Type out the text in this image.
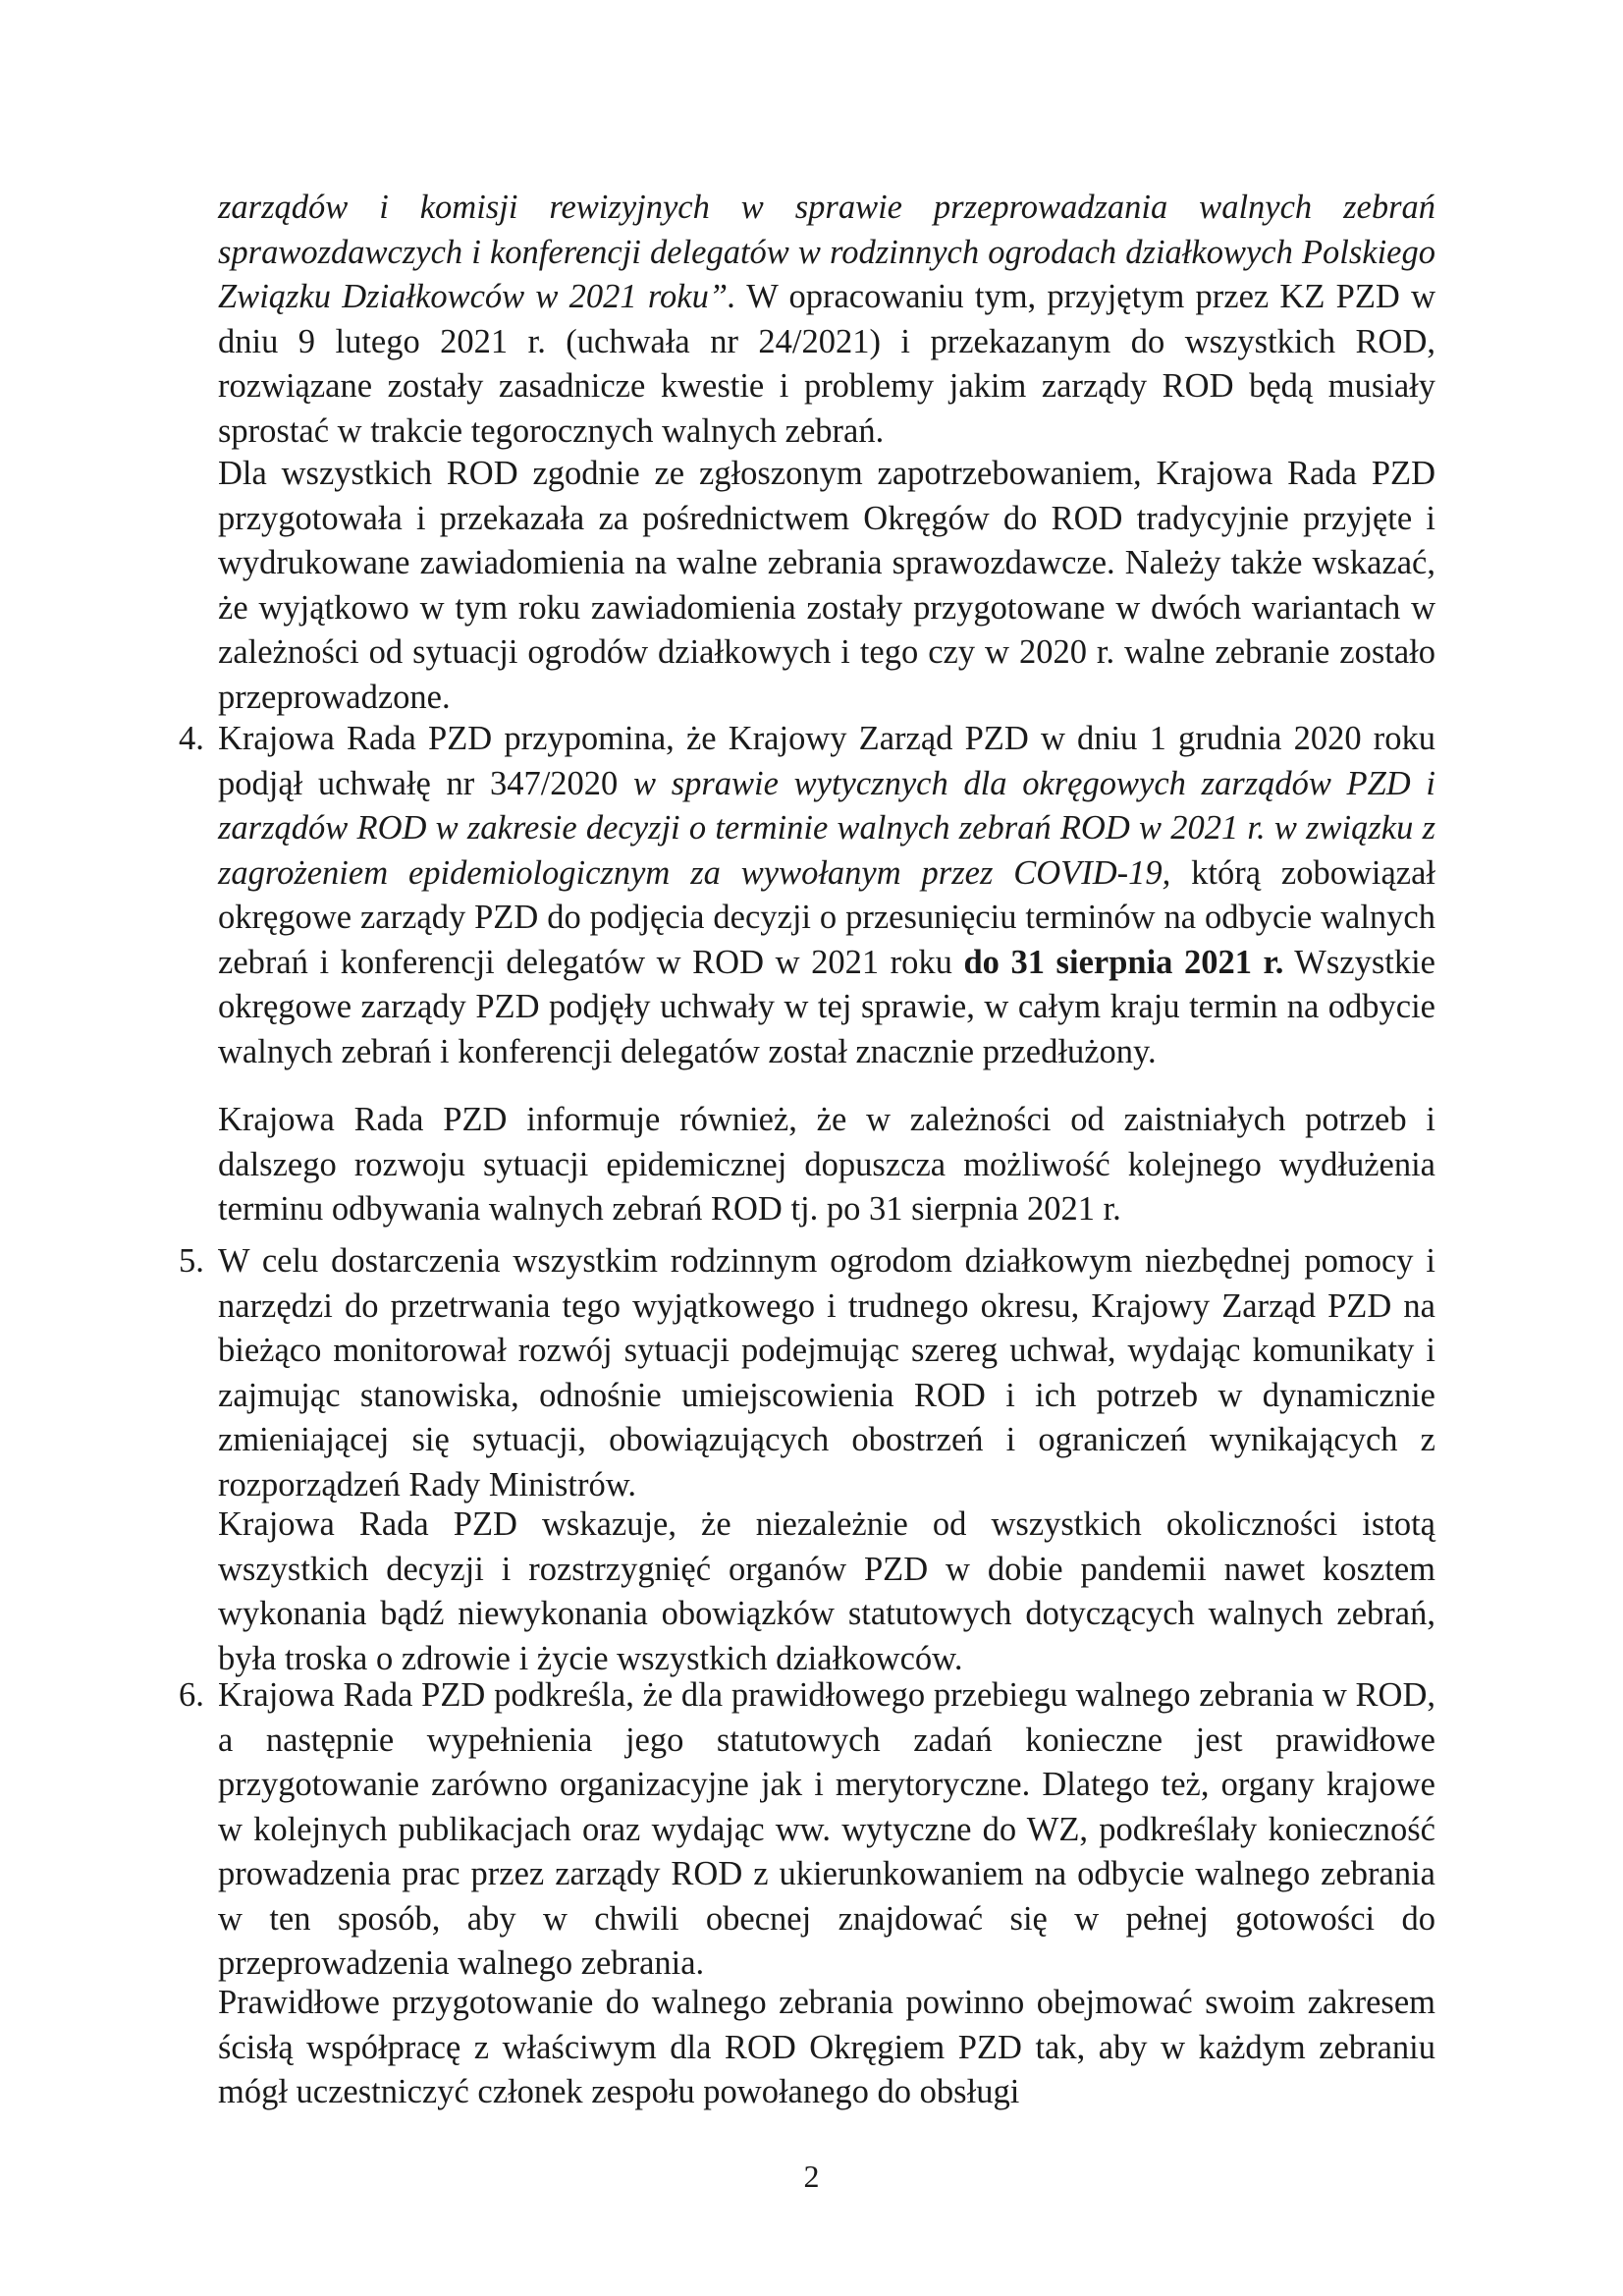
zarządów i komisji rewizyjnych w sprawie przeprowadzania walnych zebrań sprawozdawczych i konferencji delegatów w rodzinnych ogrodach działkowych Polskiego Związku Działkowców w 2021 roku”. W opracowaniu tym, przyjętym przez KZ PZD w dniu 9 lutego 2021 r. (uchwała nr 24/2021) i przekazanym do wszystkich ROD, rozwiązane zostały zasadnicze kwestie i problemy jakim zarządy ROD będą musiały sprostać w trakcie tegorocznych walnych zebrań.

Dla wszystkich ROD zgodnie ze zgłoszonym zapotrzebowaniem, Krajowa Rada PZD przygotowała i przekazała za pośrednictwem Okręgów do ROD tradycyjnie przyjęte i wydrukowane zawiadomienia na walne zebrania sprawozdawcze. Należy także wskazać, że wyjątkowo w tym roku zawiadomienia zostały przygotowane w dwóch wariantach w zależności od sytuacji ogrodów działkowych i tego czy w 2020 r. walne zebranie zostało przeprowadzone.

4. Krajowa Rada PZD przypomina, że Krajowy Zarząd PZD w dniu 1 grudnia 2020 roku podjął uchwałę nr 347/2020 w sprawie wytycznych dla okręgowych zarządów PZD i zarządów ROD w zakresie decyzji o terminie walnych zebrań ROD w 2021 r. w związku z zagrożeniem epidemiologicznym za wywołanym przez COVID-19, którą zobowiązał okręgowe zarządy PZD do podjęcia decyzji o przesunięciu terminów na odbycie walnych zebrań i konferencji delegatów w ROD w 2021 roku do 31 sierpnia 2021 r. Wszystkie okręgowe zarządy PZD podjęły uchwały w tej sprawie, w całym kraju termin na odbycie walnych zebrań i konferencji delegatów został znacznie przedłużony.

Krajowa Rada PZD informuje również, że w zależności od zaistniałych potrzeb i dalszego rozwoju sytuacji epidemicznej dopuszcza możliwość kolejnego wydłużenia terminu odbywania walnych zebrań ROD tj. po 31 sierpnia 2021 r.

5. W celu dostarczenia wszystkim rodzinnym ogrodom działkowym niezbędnej pomocy i narzędzi do przetrwania tego wyjątkowego i trudnego okresu, Krajowy Zarząd PZD na bieżąco monitorował rozwój sytuacji podejmując szereg uchwał, wydając komunikaty i zajmując stanowiska, odnośnie umiejscowienia ROD i ich potrzeb w dynamicznie zmieniającej się sytuacji, obowiązujących obostrzeń i ograniczeń wynikających z rozporządzeń Rady Ministrów.

Krajowa Rada PZD wskazuje, że niezależnie od wszystkich okoliczności istotą wszystkich decyzji i rozstrzygnięć organów PZD w dobie pandemii nawet kosztem wykonania bądź niewykonania obowiązków statutowych dotyczących walnych zebrań, była troska o zdrowie i życie wszystkich działkowców.

6. Krajowa Rada PZD podkreśla, że dla prawidłowego przebiegu walnego zebrania w ROD, a następnie wypełnienia jego statutowych zadań konieczne jest prawidłowe przygotowanie zarówno organizacyjne jak i merytoryczne. Dlatego też, organy krajowe w kolejnych publikacjach oraz wydając ww. wytyczne do WZ, podkreślały konieczność prowadzenia prac przez zarządy ROD z ukierunkowaniem na odbycie walnego zebrania w ten sposób, aby w chwili obecnej znajdować się w pełnej gotowości do przeprowadzenia walnego zebrania.

Prawidłowe przygotowanie do walnego zebrania powinno obejmować swoim zakresem ścisłą współpracę z właściwym dla ROD Okręgiem PZD tak, aby w każdym zebraniu mógł uczestniczyć członek zespołu powołanego do obsługi

2
